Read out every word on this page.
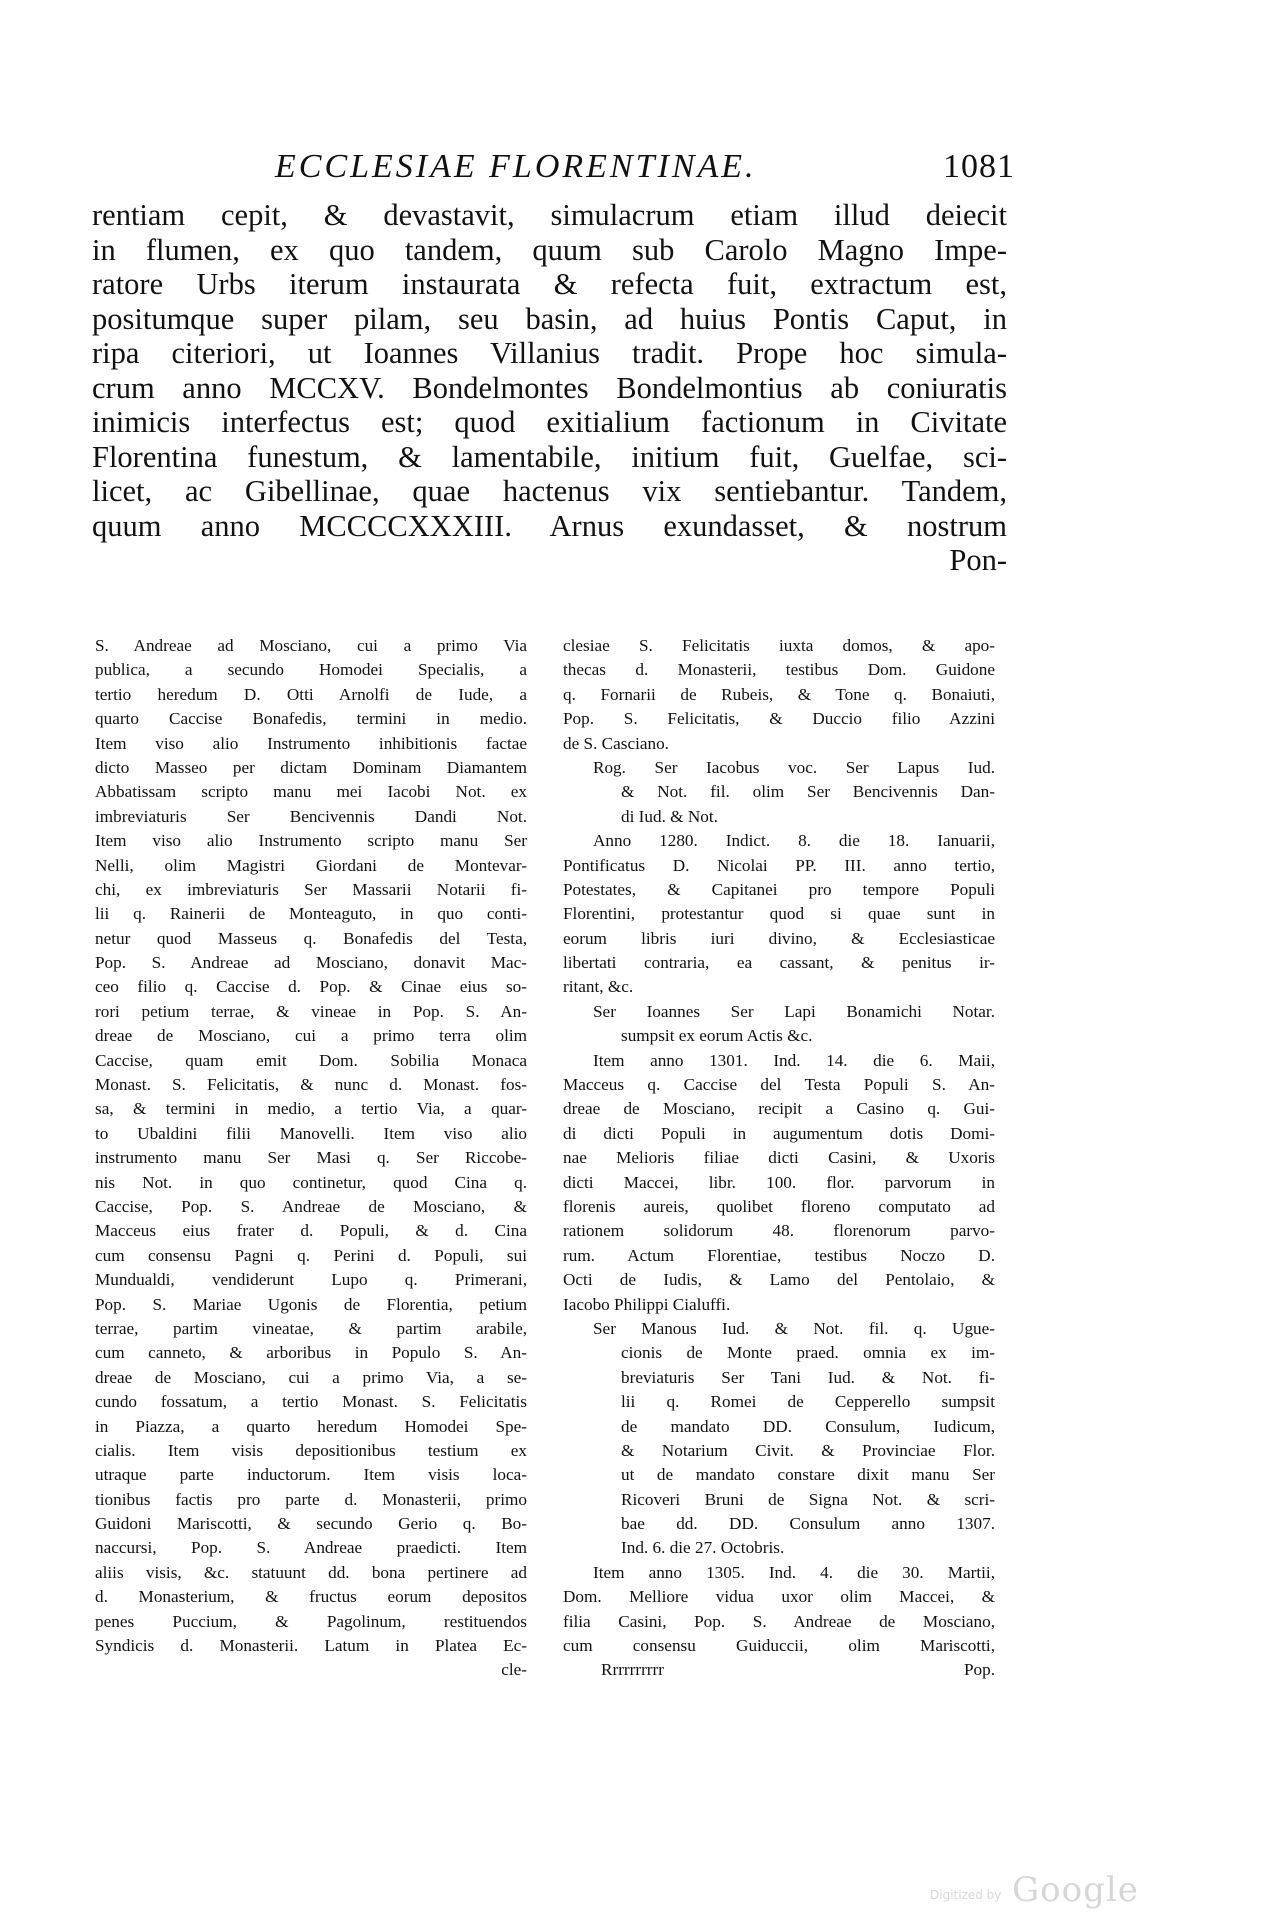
ECCLESIAE FLORENTINAE.	1081
rentiam cepit, & devastavit, simulacrum etiam illud deiecit
in flumen, ex quo tandem, quum sub Carolo Magno Impe-
ratore Urbs iterum instaurata & refecta fuit, extractum est,
positumque super pilam, seu basin, ad huius Pontis Caput, in
ripa citeriori, ut Ioannes Villanius tradit. Prope hoc simula-
crum anno MCCXV. Bondelmontes Bondelmontius ab coniuratis
inimicis interfectus est; quod exitialium factionum in Civitate
Florentina funestum, & lamentabile, initium fuit, Guelfae, sci-
licet, ac Gibellinae, quae hactenus vix sentiebantur. Tandem,
quum anno MCCCCXXXIII. Arnus exundasset, & nostrum
Pon-
S. Andreae ad Mosciano, cui a primo Via
publica, a secundo Homodei Specialis, a
tertio heredum D. Otti Arnolfi de Iude, a
quarto Caccise Bonafedis, termini in medio.
Item viso alio Instrumento inhibitionis factae
dicto Masseo per dictam Dominam Diamantem
Abbatissam scripto manu mei Iacobi Not. ex
imbreviaturis Ser Bencivennis Dandi Not.
Item viso alio Instrumento scripto manu Ser
Nelli, olim Magistri Giordani de Montevar-
chi, ex imbreviaturis Ser Massarii Notarii fi-
lii q. Rainerii de Monteaguto, in quo conti-
netur quod Masseus q. Bonafedis del Testa,
Pop. S. Andreae ad Mosciano, donavit Mac-
ceo filio q. Caccise d. Pop. & Cinae eius so-
rori petium terrae, & vineae in Pop. S. An-
dreae de Mosciano, cui a primo terra olim
Caccise, quam emit Dom. Sobilia Monaca
Monast. S. Felicitatis, & nunc d. Monast. fos-
sa, & termini in medio, a tertio Via, a quar-
to Ubaldini filii Manovelli. Item viso alio
instrumento manu Ser Masi q. Ser Riccobe-
nis Not. in quo continetur, quod Cina q.
Caccise, Pop. S. Andreae de Mosciano, &
Macceus eius frater d. Populi, & d. Cina
cum consensu Pagni q. Perini d. Populi, sui
Mundualdi, vendiderunt Lupo q. Primerani,
Pop. S. Mariae Ugonis de Florentia, petium
terrae, partim vineatae, & partim arabile,
cum canneto, & arboribus in Populo S. An-
dreae de Mosciano, cui a primo Via, a se-
cundo fossatum, a tertio Monast. S. Felicitatis
in Piazza, a quarto heredum Homodei Spe-
cialis. Item visis depositionibus testium ex
utraque parte inductorum. Item visis loca-
tionibus factis pro parte d. Monasterii, primo
Guidoni Mariscotti, & secundo Gerio q. Bo-
naccursi, Pop. S. Andreae praedicti. Item
aliis visis, &c. statuunt dd. bona pertinere ad
d. Monasterium, & fructus eorum depositos
penes Puccium, & Pagolinum, restituendos
Syndicis d. Monasterii. Latum in Platea Ec-
cle-
clesiae S. Felicitatis iuxta domos, & apo-
thecas d. Monasterii, testibus Dom. Guidone
q. Fornarii de Rubeis, & Tone q. Bonaiuti,
Pop. S. Felicitatis, & Duccio filio Azzini
de S. Casciano.
Rog. Ser Iacobus voc. Ser Lapus Iud.
& Not. fil. olim Ser Bencivennis Dan-
di Iud. & Not.
Anno 1280. Indict. 8. die 18. Ianuarii,
Pontificatus D. Nicolai PP. III. anno tertio,
Potestates, & Capitanei pro tempore Populi
Florentini, protestantur quod si quae sunt in
eorum libris iuri divino, & Ecclesiasticae
libertati contraria, ea cassant, & penitus ir-
ritant, &c.
Ser Ioannes Ser Lapi Bonamichi Notar.
sumpsit ex eorum Actis &c.
Item anno 1301. Ind. 14. die 6. Maii,
Macceus q. Caccise del Testa Populi S. An-
dreae de Mosciano, recipit a Casino q. Gui-
di dicti Populi in augumentum dotis Domi-
nae Melioris filiae dicti Casini, & Uxoris
dicti Maccei, libr. 100. flor. parvorum in
florenis aureis, quolibet floreno computato ad
rationem solidorum 48. florenorum parvo-
rum. Actum Florentiae, testibus Noczo D.
Octi de Iudis, & Lamo del Pentolaio, &
Iacobo Philippi Cialuffi.
Ser Manous Iud. & Not. fil. q. Ugue-
cionis de Monte praed. omnia ex im-
breviaturis Ser Tani Iud. & Not. fi-
lii q. Romei de Cepperello sumpsit
de mandato DD. Consulum, Iudicum,
& Notarium Civit. & Provinciae Flor.
ut de mandato constare dixit manu Ser
Ricoveri Bruni de Signa Not. & scri-
bae dd. DD. Consulum anno 1307.
Ind. 6. die 27. Octobris.
Item anno 1305. Ind. 4. die 30. Martii,
Dom. Melliore vidua uxor olim Maccei, &
filia Casini, Pop. S. Andreae de Mosciano,
cum consensu Guiduccii, olim Mariscotti,
Rrrrrrrrrr	Pop.
Digitized by Google
